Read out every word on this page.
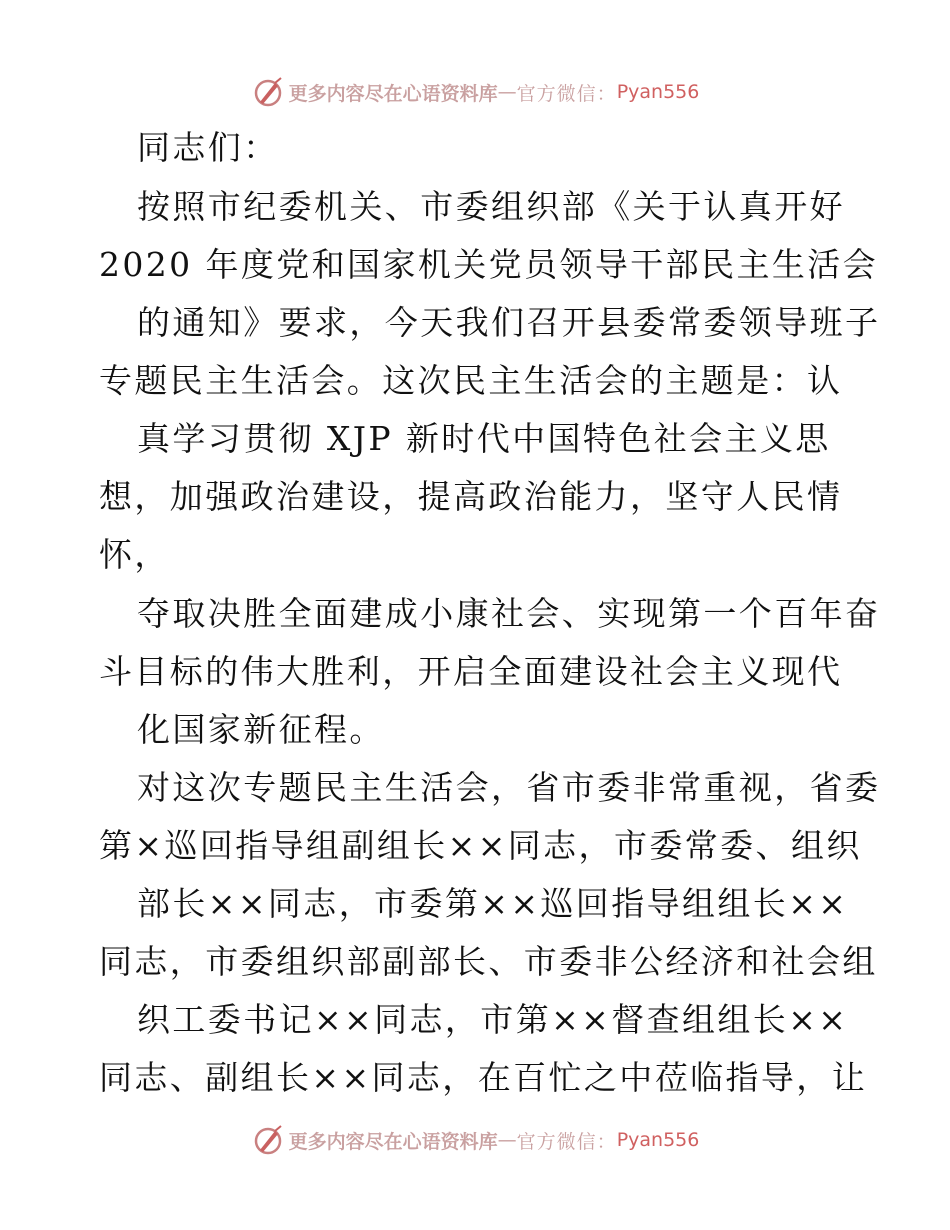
更多内容尽在心语资料库 — 官方微信： Pyan556
同志们：
按照市纪委机关、市委组织部《关于认真开好
2020 年度党和国家机关党员领导干部民主生活会
的通知》要求，今天我们召开县委常委领导班子
专题民主生活会。这次民主生活会的主题是：认
真学习贯彻 XJP 新时代中国特色社会主义思
想，加强政治建设，提高政治能力，坚守人民情
怀，
夺取决胜全面建成小康社会、实现第一个百年奋
斗目标的伟大胜利，开启全面建设社会主义现代
化国家新征程。
对这次专题民主生活会，省市委非常重视，省委
第×巡回指导组副组长××同志，市委常委、组织
部长××同志，市委第××巡回指导组组长××
同志，市委组织部副部长、市委非公经济和社会组
织工委书记××同志，市第××督查组组长××
同志、副组长××同志，在百忙之中莅临指导，让
更多内容尽在心语资料库 — 官方微信： Pyan556
